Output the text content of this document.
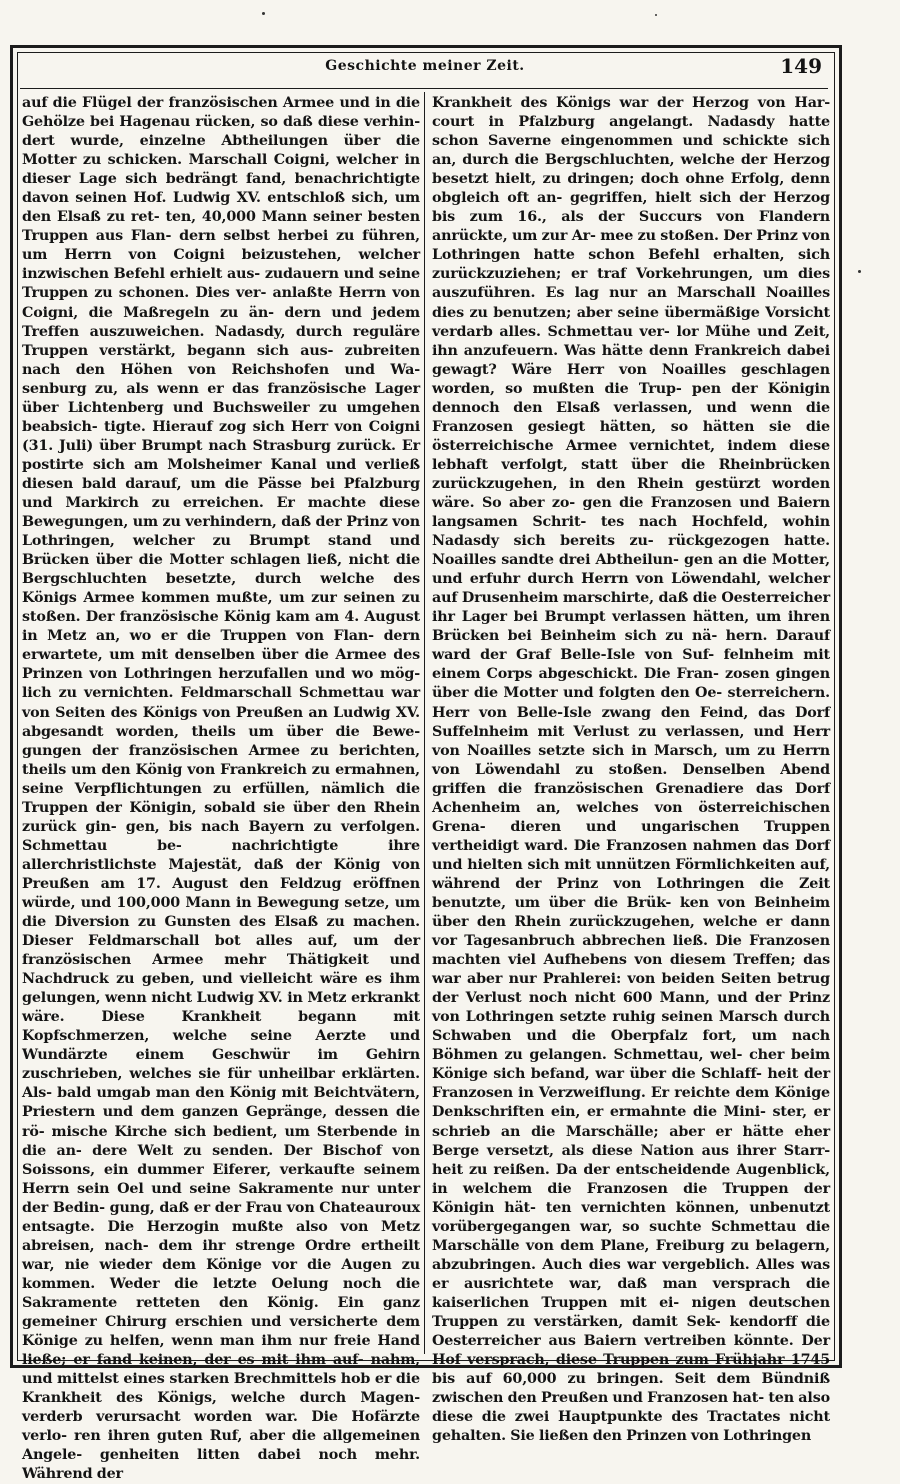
Geschichte meiner Zeit.	149

auf die Flügel der französischen Armee und in die Gehölze bei Hagenau rücken, so daß diese verhin- dert wurde, einzelne Abtheilungen über die Motter zu schicken. Marschall Coigni, welcher in dieser Lage sich bedrängt fand, benachrichtigte davon seinen Hof. Ludwig XV. entschloß sich, um den Elsaß zu ret- ten, 40,000 Mann seiner besten Truppen aus Flan- dern selbst herbei zu führen, um Herrn von Coigni beizustehen, welcher inzwischen Befehl erhielt aus- zudauern und seine Truppen zu schonen. Dies ver- anlaßte Herrn von Coigni, die Maßregeln zu än- dern und jedem Treffen auszuweichen. Nadasdy, durch reguläre Truppen verstärkt, begann sich aus- zubreiten nach den Höhen von Reichshofen und Wa- senburg zu, als wenn er das französische Lager über Lichtenberg und Buchsweiler zu umgehen beabsich- tigte. Hierauf zog sich Herr von Coigni (31. Juli) über Brumpt nach Strasburg zurück. Er postirte sich am Molsheimer Kanal und verließ diesen bald darauf, um die Pässe bei Pfalzburg und Markirch zu erreichen. Er machte diese Bewegungen, um zu verhindern, daß der Prinz von Lothringen, welcher zu Brumpt stand und Brücken über die Motter schlagen ließ, nicht die Bergschluchten besetzte, durch welche des Königs Armee kommen mußte, um zur seinen zu stoßen. Der französische König kam am 4. August in Metz an, wo er die Truppen von Flan- dern erwartete, um mit denselben über die Armee des Prinzen von Lothringen herzufallen und wo mög- lich zu vernichten. Feldmarschall Schmettau war von Seiten des Königs von Preußen an Ludwig XV. abgesandt worden, theils um über die Bewe- gungen der französischen Armee zu berichten, theils um den König von Frankreich zu ermahnen, seine Verpflichtungen zu erfüllen, nämlich die Truppen der Königin, sobald sie über den Rhein zurück gin- gen, bis nach Bayern zu verfolgen. Schmettau be- nachrichtigte ihre allerchristlichste Majestät, daß der König von Preußen am 17. August den Feldzug eröffnen würde, und 100,000 Mann in Bewegung setze, um die Diversion zu Gunsten des Elsaß zu machen. Dieser Feldmarschall bot alles auf, um der französischen Armee mehr Thätigkeit und Nachdruck zu geben, und vielleicht wäre es ihm gelungen, wenn nicht Ludwig XV. in Metz erkrankt wäre. Diese Krankheit begann mit Kopfschmerzen, welche seine Aerzte und Wundärzte einem Geschwür im Gehirn zuschrieben, welches sie für unheilbar erklärten. Als- bald umgab man den König mit Beichtvätern, Priestern und dem ganzen Gepränge, dessen die rö- mische Kirche sich bedient, um Sterbende in die an- dere Welt zu senden. Der Bischof von Soissons, ein dummer Eiferer, verkaufte seinem Herrn sein Oel und seine Sakramente nur unter der Bedin- gung, daß er der Frau von Chateauroux entsagte. Die Herzogin mußte also von Metz abreisen, nach- dem ihr strenge Ordre ertheilt war, nie wieder dem Könige vor die Augen zu kommen. Weder die letzte Oelung noch die Sakramente retteten den König. Ein ganz gemeiner Chirurg erschien und versicherte dem Könige zu helfen, wenn man ihm nur freie Hand ließe; er fand keinen, der es mit ihm auf- nahm, und mittelst eines starken Brechmittels hob er die Krankheit des Königs, welche durch Magen- verderb verursacht worden war. Die Hofärzte verlo- ren ihren guten Ruf, aber die allgemeinen Angele- genheiten litten dabei noch mehr. Während der

Krankheit des Königs war der Herzog von Har- court in Pfalzburg angelangt. Nadasdy hatte schon Saverne eingenommen und schickte sich an, durch die Bergschluchten, welche der Herzog besetzt hielt, zu dringen; doch ohne Erfolg, denn obgleich oft an- gegriffen, hielt sich der Herzog bis zum 16., als der Succurs von Flandern anrückte, um zur Ar- mee zu stoßen. Der Prinz von Lothringen hatte schon Befehl erhalten, sich zurückzuziehen; er traf Vorkehrungen, um dies auszuführen. Es lag nur an Marschall Noailles dies zu benutzen; aber seine übermäßige Vorsicht verdarb alles. Schmettau ver- lor Mühe und Zeit, ihn anzufeuern. Was hätte denn Frankreich dabei gewagt? Wäre Herr von Noailles geschlagen worden, so mußten die Trup- pen der Königin dennoch den Elsaß verlassen, und wenn die Franzosen gesiegt hätten, so hätten sie die österreichische Armee vernichtet, indem diese lebhaft verfolgt, statt über die Rheinbrücken zurückzugehen, in den Rhein gestürzt worden wäre. So aber zo- gen die Franzosen und Baiern langsamen Schrit- tes nach Hochfeld, wohin Nadasdy sich bereits zu- rückgezogen hatte. Noailles sandte drei Abtheilun- gen an die Motter, und erfuhr durch Herrn von Löwendahl, welcher auf Drusenheim marschirte, daß die Oesterreicher ihr Lager bei Brumpt verlassen hätten, um ihren Brücken bei Beinheim sich zu nä- hern. Darauf ward der Graf Belle-Isle von Suf- felnheim mit einem Corps abgeschickt. Die Fran- zosen gingen über die Motter und folgten den Oe- sterreichern. Herr von Belle-Isle zwang den Feind, das Dorf Suffelnheim mit Verlust zu verlassen, und Herr von Noailles setzte sich in Marsch, um zu Herrn von Löwendahl zu stoßen. Denselben Abend griffen die französischen Grenadiere das Dorf Achenheim an, welches von österreichischen Grena- dieren und ungarischen Truppen vertheidigt ward. Die Franzosen nahmen das Dorf und hielten sich mit unnützen Förmlichkeiten auf, während der Prinz von Lothringen die Zeit benutzte, um über die Brük- ken von Beinheim über den Rhein zurückzugehen, welche er dann vor Tagesanbruch abbrechen ließ. Die Franzosen machten viel Aufhebens von diesem Treffen; das war aber nur Prahlerei: von beiden Seiten betrug der Verlust noch nicht 600 Mann, und der Prinz von Lothringen setzte ruhig seinen Marsch durch Schwaben und die Oberpfalz fort, um nach Böhmen zu gelangen. Schmettau, wel- cher beim Könige sich befand, war über die Schlaff- heit der Franzosen in Verzweiflung. Er reichte dem Könige Denkschriften ein, er ermahnte die Mini- ster, er schrieb an die Marschälle; aber er hätte eher Berge versetzt, als diese Nation aus ihrer Starr- heit zu reißen. Da der entscheidende Augenblick, in welchem die Franzosen die Truppen der Königin hät- ten vernichten können, unbenutzt vorübergegangen war, so suchte Schmettau die Marschälle von dem Plane, Freiburg zu belagern, abzubringen. Auch dies war vergeblich. Alles was er ausrichtete war, daß man versprach die kaiserlichen Truppen mit ei- nigen deutschen Truppen zu verstärken, damit Sek- kendorff die Oesterreicher aus Baiern vertreiben könnte. Der Hof versprach, diese Truppen zum Frühjahr 1745 bis auf 60,000 zu bringen. Seit dem Bündniß zwischen den Preußen und Franzosen hat- ten also diese die zwei Hauptpunkte des Tractates nicht gehalten. Sie ließen den Prinzen von Lothringen
